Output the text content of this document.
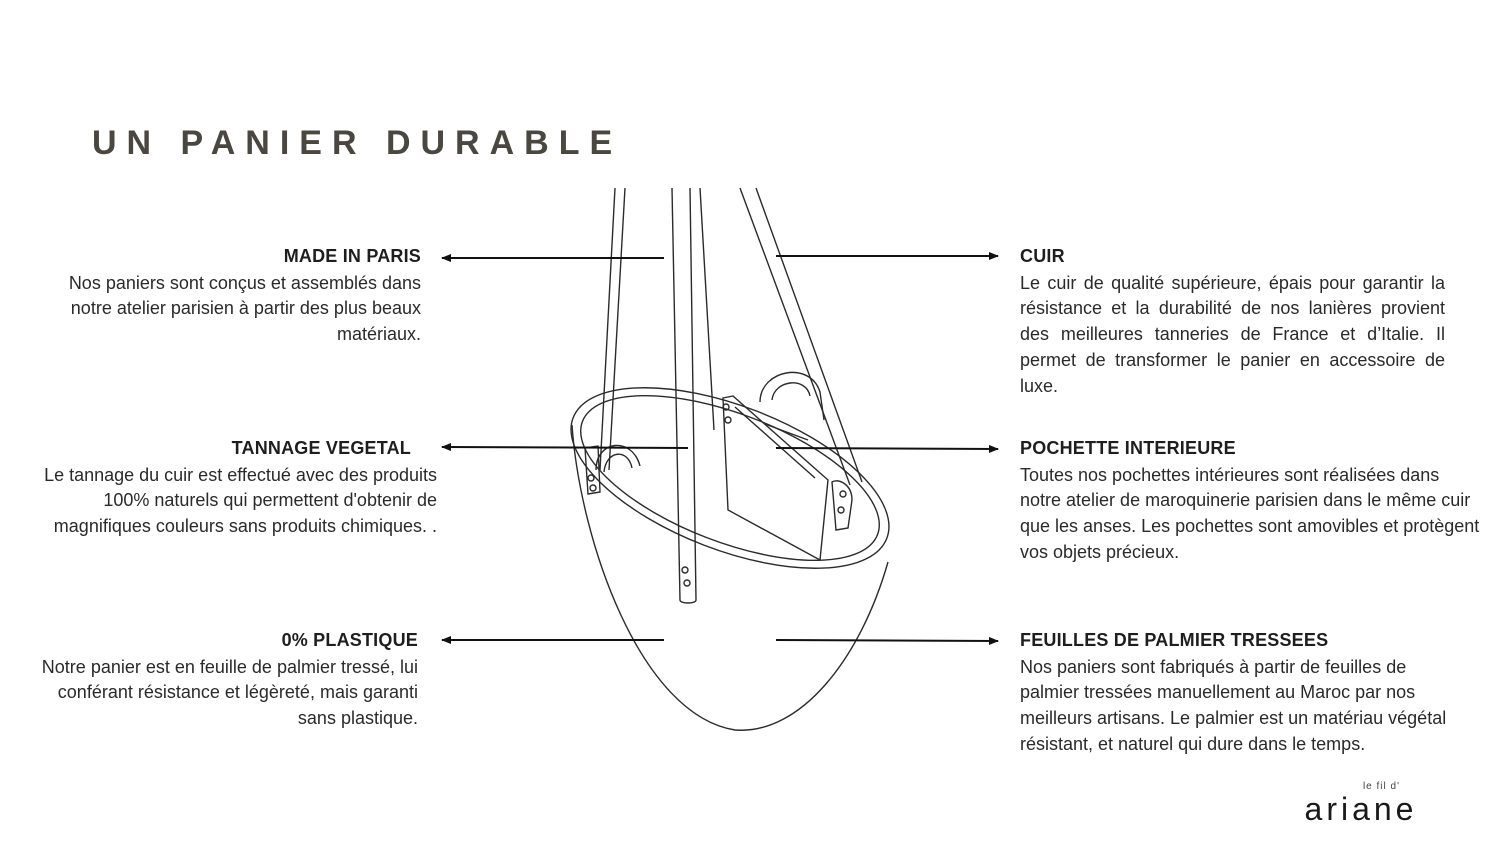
UN PANIER DURABLE
MADE IN PARIS

Nos paniers sont conçus et assemblés dans notre atelier parisien à partir des plus beaux matériaux.

TANNAGE VEGETAL

Le tannage du cuir est effectué avec des produits 100% naturels qui permettent d'obtenir de magnifiques couleurs sans produits chimiques. .

0% PLASTIQUE

Notre panier est en feuille de palmier tressé, lui conférant résistance et légèreté, mais garanti sans plastique.

CUIR

Le cuir de qualité supérieure, épais pour garantir la résistance et la durabilité de nos lanières provient des meilleures tanneries de France et d’Italie. Il permet de transformer le panier en accessoire de luxe.

POCHETTE INTERIEURE

Toutes nos pochettes intérieures sont réalisées dans notre atelier de maroquinerie parisien dans le même cuir que les anses. Les pochettes sont amovibles et protègent vos objets précieux.

FEUILLES DE PALMIER TRESSEES

Nos paniers sont fabriqués à partir de feuilles de palmier tressées manuellement au Maroc par nos meilleurs artisans. Le palmier est un matériau végétal résistant, et naturel qui dure dans le temps.

le fil d'
ariane
